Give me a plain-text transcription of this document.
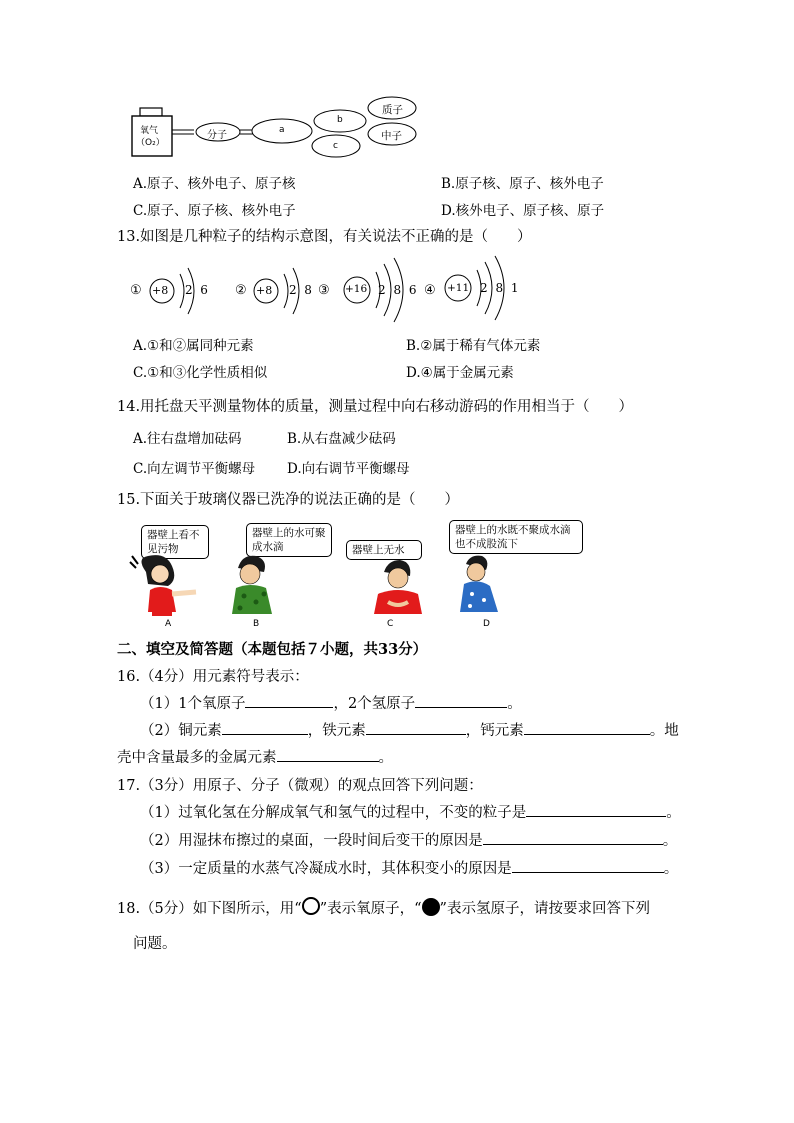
氧气
（O₂）
分子	a
b
c
质子
中子
A.原子、核外电子、原子核	B.原子核、原子、核外电子
C.原子、原子核、核外电子	D.核外电子、原子核、原子
13.如图是几种粒子的结构示意图，有关说法不正确的是（　　）
① +8 2  6 ② +8 2  8 ③ +16 2 8 6 ④ +11 2 8 1
A.①和②属同种元素	B.②属于稀有气体元素
C.①和③化学性质相似	D.④属于金属元素
14.用托盘天平测量物体的质量，测量过程中向右移动游码的作用相当于（　　）
A.往右盘增加砝码	B.从右盘减少砝码
C.向左调节平衡螺母 D.向右调节平衡螺母
15.下面关于玻璃仪器已洗净的说法正确的是（　　）
器壁上看不见污物
器壁上的水可聚成水滴	器壁上无水
器壁上的水既不聚成水滴也不成股流下
A	B	C	D
二、填空及简答题（本题包括７小题，共33分）
16.（4分）用元素符号表示：
（1）1个氧原子	，2个氢原子	。
（2）铜元素	，铁元素	，钙元素	。地
壳中含量最多的金属元素	。
17.（3分）用原子、分子（微观）的观点回答下列问题：
（1）过氧化氢在分解成氧气和氢气的过程中，不变的粒子是	。
（2）用湿抹布擦过的桌面，一段时间后变干的原因是	。
（3）一定质量的水蒸气冷凝成水时，其体积变小的原因是	。
18.（5分）如下图所示，用“ ”表示氧原子，“ ”表示氢原子，请按要求回答下列
问题。
